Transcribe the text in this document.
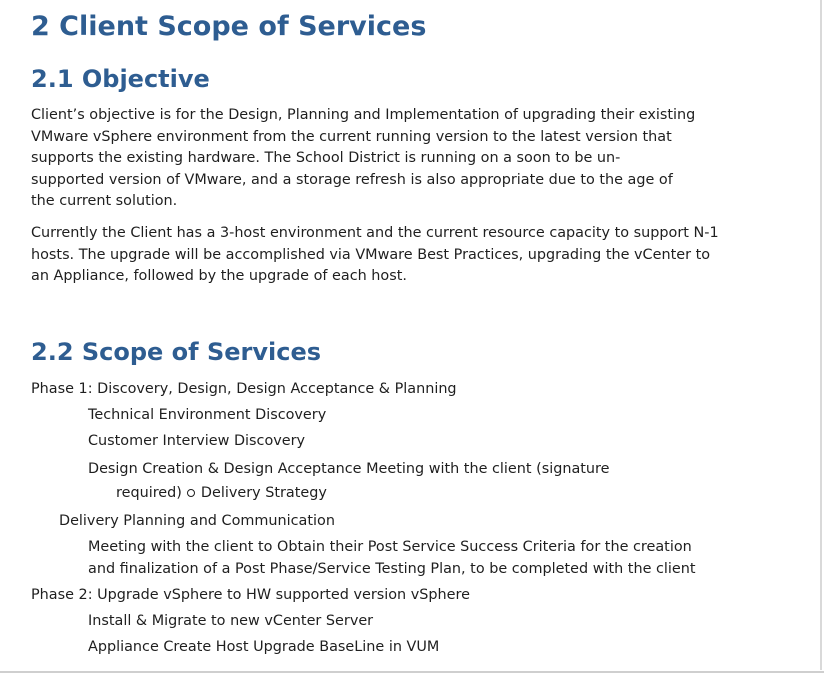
2 Client Scope of Services
2.1 Objective

Client’s objective is for the Design, Planning and Implementation of upgrading their existing
VMware vSphere environment from the current running version to the latest version that
supports the existing hardware. The School District is running on a soon to be un-
supported version of VMware, and a storage refresh is also appropriate due to the age of
the current solution.

Currently the Client has a 3-host environment and the current resource capacity to support N-1
hosts. The upgrade will be accomplished via VMware Best Practices, upgrading the vCenter to
an Appliance, followed by the upgrade of each host.

2.2 Scope of Services
Phase 1: Discovery, Design, Design Acceptance & Planning
Technical Environment Discovery
Customer Interview Discovery
Design Creation & Design Acceptance Meeting with the client (signature
required) Delivery Strategy
Delivery Planning and Communication
Meeting with the client to Obtain their Post Service Success Criteria for the creation
and finalization of a Post Phase/Service Testing Plan, to be completed with the client
Phase 2: Upgrade vSphere to HW supported version vSphere
Install & Migrate to new vCenter Server
Appliance Create Host Upgrade BaseLine in VUM
